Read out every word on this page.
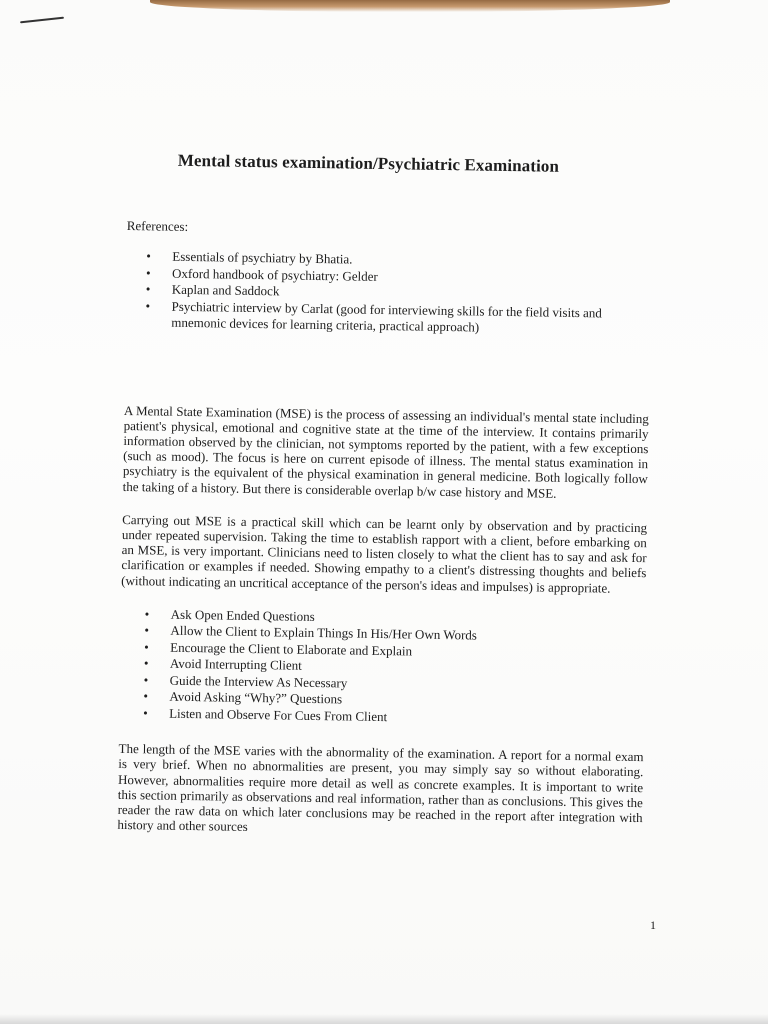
Mental status examination/Psychiatric Examination
References:
• Essentials of psychiatry by Bhatia.
• Oxford handbook of psychiatry: Gelder
• Kaplan and Saddock
• Psychiatric interview by Carlat (good for interviewing skills for the field visits and mnemonic devices for learning criteria, practical approach)

A Mental State Examination (MSE) is the process of assessing an individual's mental state including patient's physical, emotional and cognitive state at the time of the interview. It contains primarily information observed by the clinician, not symptoms reported by the patient, with a few exceptions (such as mood). The focus is here on current episode of illness. The mental status examination in psychiatry is the equivalent of the physical examination in general medicine. Both logically follow the taking of a history. But there is considerable overlap b/w case history and MSE.

Carrying out MSE is a practical skill which can be learnt only by observation and by practicing under repeated supervision. Taking the time to establish rapport with a client, before embarking on an MSE, is very important. Clinicians need to listen closely to what the client has to say and ask for clarification or examples if needed. Showing empathy to a client's distressing thoughts and beliefs (without indicating an uncritical acceptance of the person's ideas and impulses) is appropriate.

• Ask Open Ended Questions
• Allow the Client to Explain Things In His/Her Own Words
• Encourage the Client to Elaborate and Explain
• Avoid Interrupting Client
• Guide the Interview As Necessary
• Avoid Asking “Why?” Questions
• Listen and Observe For Cues From Client

The length of the MSE varies with the abnormality of the examination. A report for a normal exam is very brief. When no abnormalities are present, you may simply say so without elaborating. However, abnormalities require more detail as well as concrete examples. It is important to write this section primarily as observations and real information, rather than as conclusions. This gives the reader the raw data on which later conclusions may be reached in the report after integration with history and other sources

1
